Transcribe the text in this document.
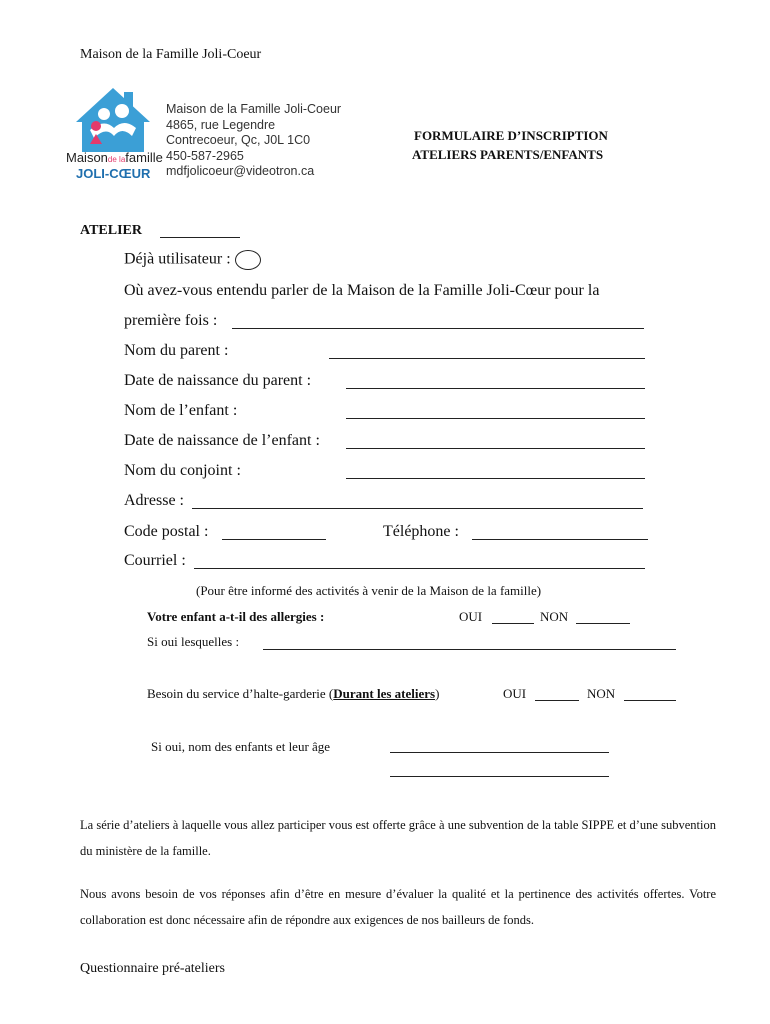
Maison de la Famille Joli-Coeur
Maisonde lafamille
JOLI-CŒUR
Maison de la Famille Joli-Coeur
4865, rue Legendre
Contrecoeur, Qc, J0L 1C0
450-587-2965
mdfjolicoeur@videotron.ca
FORMULAIRE D’INSCRIPTION
ATELIERS PARENTS/ENFANTS
ATELIER
Déjà utilisateur :
Où avez-vous entendu parler de la Maison de la Famille Joli-Cœur pour la
première fois :
Nom du parent :
Date de naissance du parent :
Nom de l’enfant :
Date de naissance de l’enfant :
Nom du conjoint :
Adresse :
Code postal :	Téléphone :
Courriel :
(Pour être informé des activités à venir de la Maison de la famille)
Votre enfant a-t-il des allergies :	OUI	NON
Si oui lesquelles :
Besoin du service d’halte-garderie (Durant les ateliers)	OUI	NON
Si oui, nom des enfants et leur âge
La série d’ateliers à laquelle vous allez participer vous est offerte grâce à une subvention de la table SIPPE et d’une subvention du ministère de la famille.
Nous avons besoin de vos réponses afin d’être en mesure d’évaluer la qualité et la pertinence des activités offertes. Votre collaboration est donc nécessaire afin de répondre aux exigences de nos bailleurs de fonds.
Questionnaire pré-ateliers
